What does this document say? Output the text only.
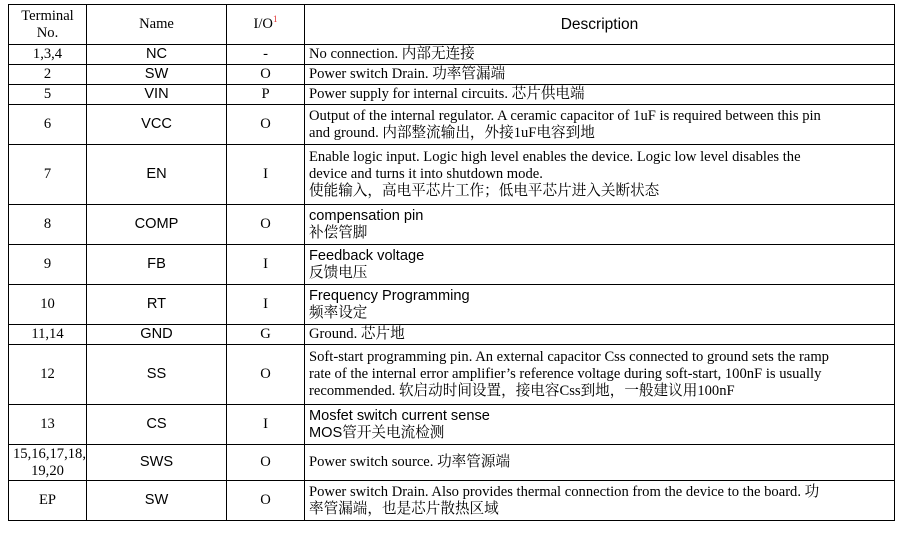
Terminal
No.	Name	$I/O^1$	Description

1,3,4	NC	-	No connection. 内部无连接

2	SW	O	Power switch Drain. 功率管漏端

5	VIN	P	Power supply for internal circuits. 芯片供电端

6	VCC	O	Output of the internal regulator. A ceramic capacitor of 1uF is required between this pin
and ground. 内部整流输出，外接1uF电容到地

7	EN	I	Enable logic input. Logic high level enables the device. Logic low level disables the
device and turns it into shutdown mode.
使能输入，高电平芯片工作；低电平芯片进入关断状态

8	COMP	O	compensation pin
补偿管脚

9	FB	I	Feedback voltage
反馈电压

10	RT	I	Frequency Programming
频率设定

11,14	GND	G	Ground. 芯片地

12	SS	O	Soft-start programming pin. An external capacitor Css connected to ground sets the ramp
rate of the internal error amplifier’s reference voltage during soft-start, 100nF is usually
recommended. 软启动时间设置，接电容Css到地，一般建议用100nF

13	CS	I	Mosfet switch current sense
MOS管开关电流检测

15,16,17,18,
19,20	SWS	O	Power switch source. 功率管源端

EP	SW	O	Power switch Drain. Also provides thermal connection from the device to the board. 功
率管漏端，也是芯片散热区域
